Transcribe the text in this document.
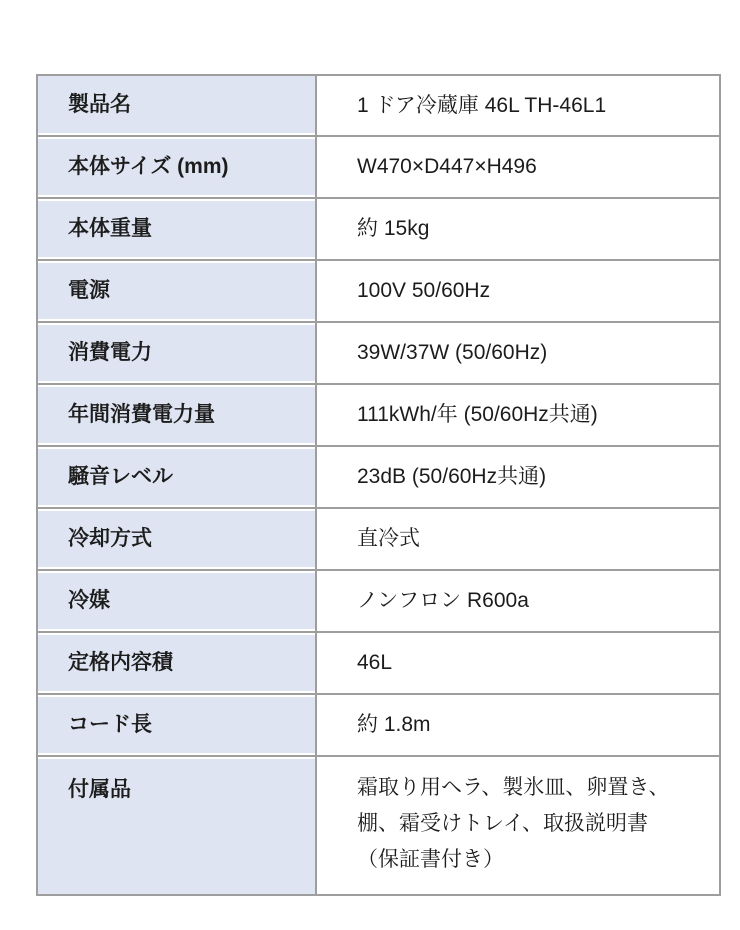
製品名	1 ドア冷蔵庫 46L TH-46L1
本体サイズ (mm)	W470×D447×H496
本体重量	約 15kg
電源	100V 50/60Hz
消費電力	39W/37W (50/60Hz)
年間消費電力量	111kWh/年 (50/60Hz共通)
騒音レベル	23dB (50/60Hz共通)
冷却方式	直冷式
冷媒	ノンフロン R600a
定格内容積	46L
コード長	約 1.8m
付属品	霜取り用ヘラ、製氷皿、卵置き、
棚、霜受けトレイ、取扱説明書
（保証書付き）
